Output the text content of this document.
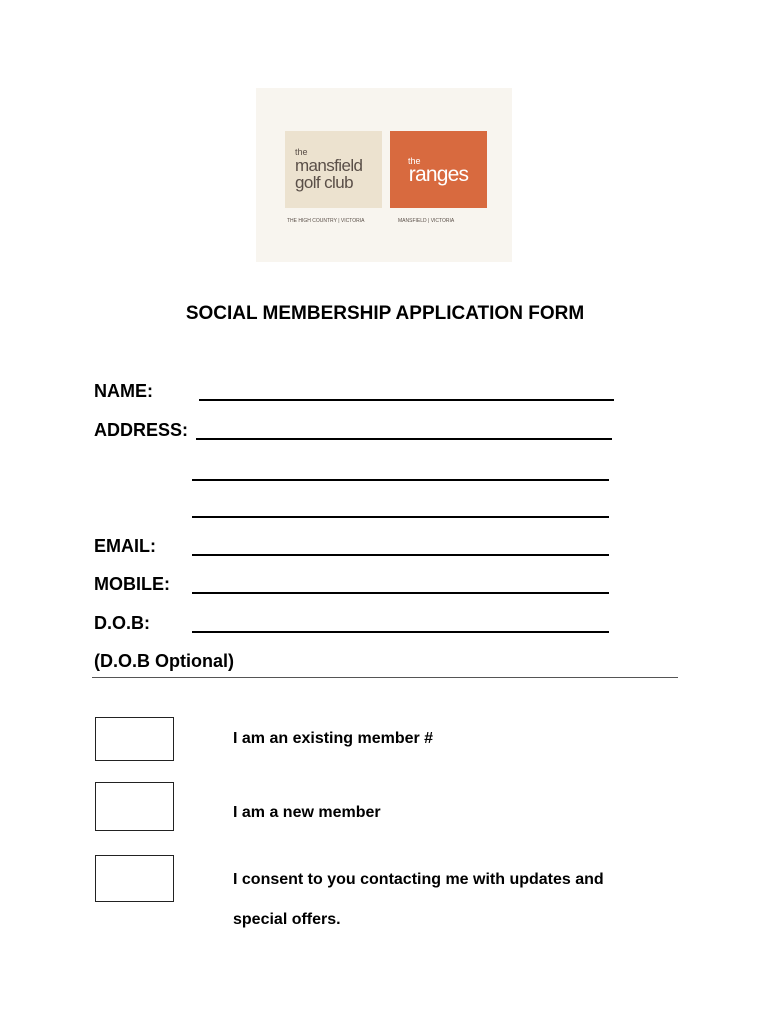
the
mansfield
golf club
the
ranges
THE HIGH COUNTRY | VICTORIA	MANSFIELD | VICTORIA
SOCIAL MEMBERSHIP APPLICATION FORM
NAME:
ADDRESS:
EMAIL:
MOBILE:
D.O.B:
(D.O.B Optional)
I am an existing member #
I am a new member
I consent to you contacting me with updates and
special offers.
